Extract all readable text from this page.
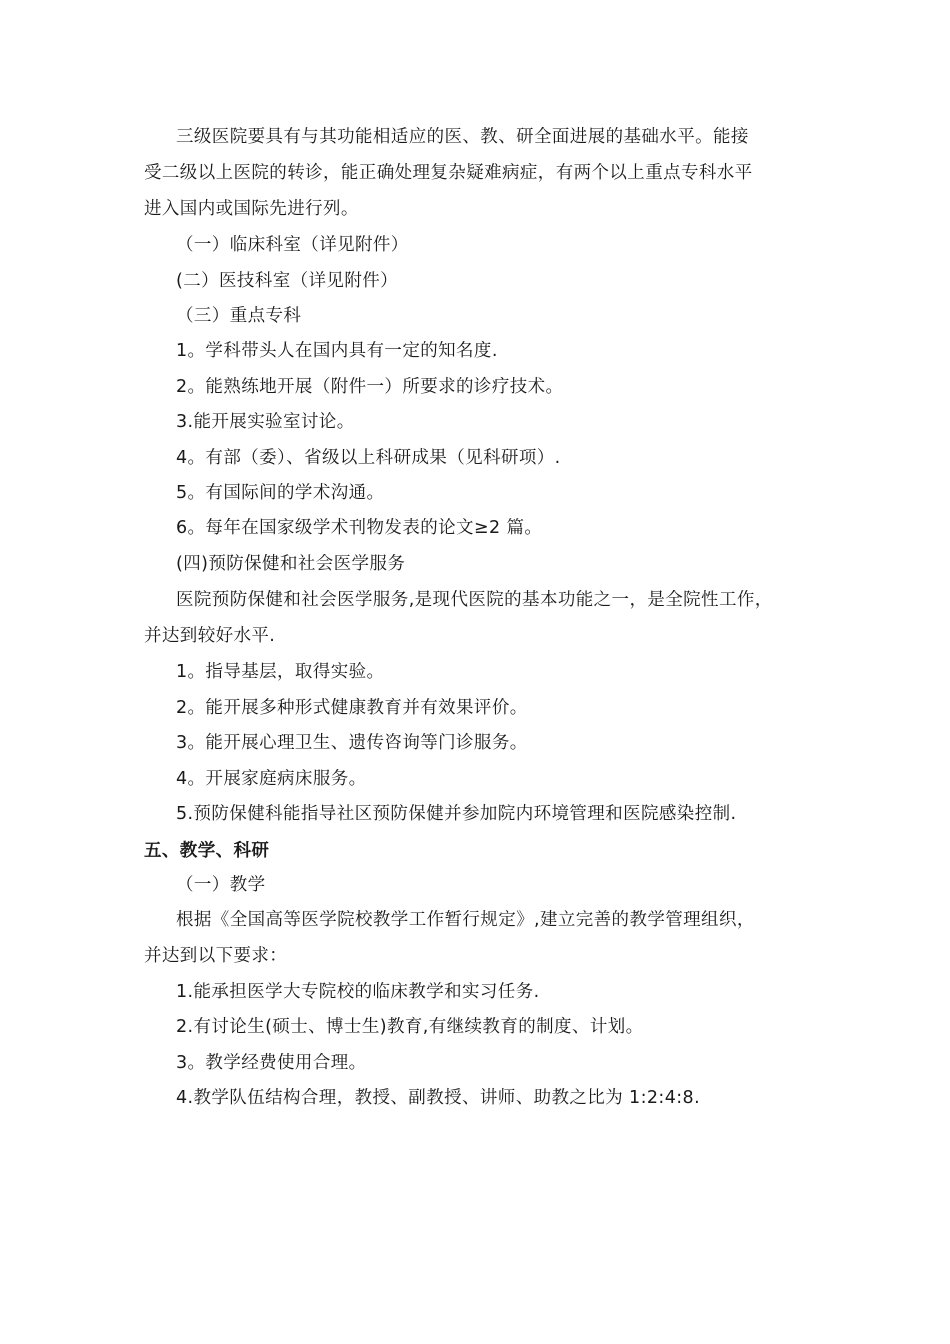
三级医院要具有与其功能相适应的医、教、研全面进展的基础水平。能接
受二级以上医院的转诊，能正确处理复杂疑难病症，有两个以上重点专科水平
进入国内或国际先进行列。
（一）临床科室（详见附件）
(二）医技科室（详见附件）
（三）重点专科
1。学科带头人在国内具有一定的知名度.
2。能熟练地开展（附件一）所要求的诊疗技术。
3.能开展实验室讨论。
4。有部（委）、省级以上科研成果（见科研项）.
5。有国际间的学术沟通。
6。每年在国家级学术刊物发表的论文≥2 篇。
(四)预防保健和社会医学服务
医院预防保健和社会医学服务,是现代医院的基本功能之一，是全院性工作，
并达到较好水平.
1。指导基层，取得实验。
2。能开展多种形式健康教育并有效果评价。
3。能开展心理卫生、遗传咨询等门诊服务。
4。开展家庭病床服务。
5.预防保健科能指导社区预防保健并参加院内环境管理和医院感染控制.
五、教学、科研
（一）教学
根据《全国高等医学院校教学工作暂行规定》,建立完善的教学管理组织，
并达到以下要求：
1.能承担医学大专院校的临床教学和实习任务.
2.有讨论生(硕士、博士生)教育,有继续教育的制度、计划。
3。教学经费使用合理。
4.教学队伍结构合理，教授、副教授、讲师、助教之比为 1:2:4:8.
